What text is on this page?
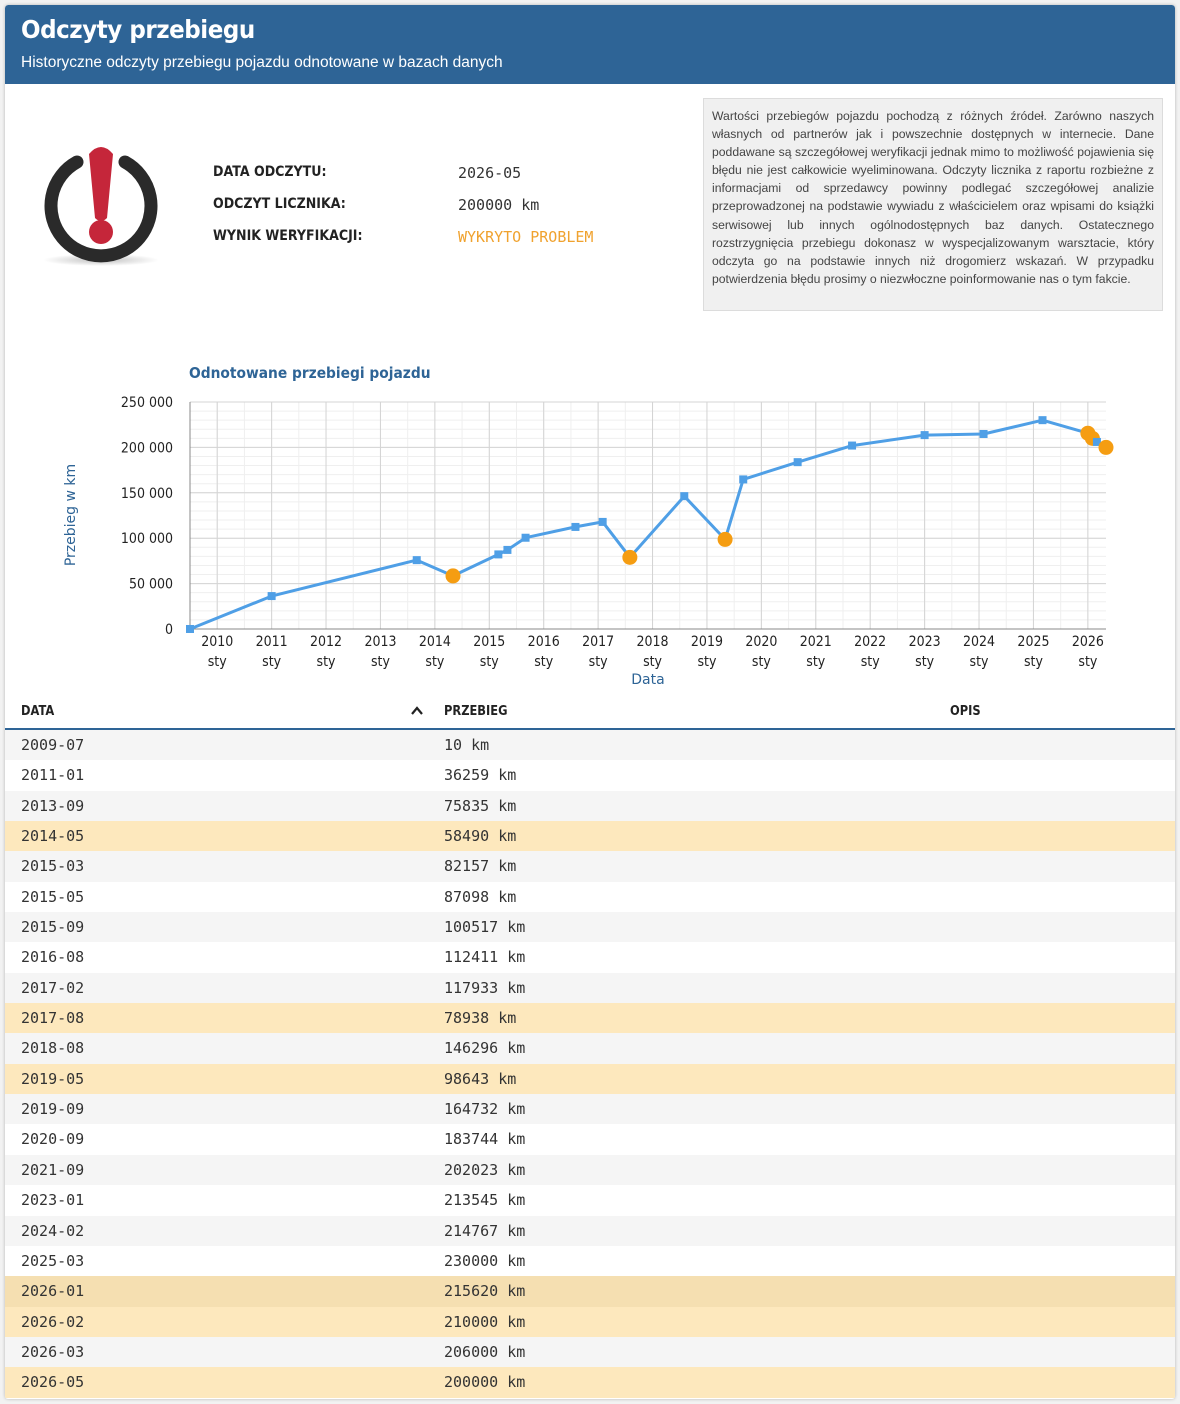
Odczyty przebiegu
Historyczne odczyty przebiegu pojazdu odnotowane w bazach danych
DATA ODCZYTU:	2026-05
ODCZYT LICZNIKA:	200000 km
WYNIK WERYFIKACJI:	WYKRYTO PROBLEM
Wartości przebiegów pojazdu pochodzą z różnych źródeł. Zarówno naszych własnych od partnerów jak i powszechnie dostępnych w internecie. Dane poddawane są szczegółowej weryfikacji jednak mimo to możliwość pojawienia się błędu nie jest całkowicie wyeliminowana. Odczyty licznika z raportu rozbieżne z informacjami od sprzedawcy powinny podlegać szczegółowej analizie przeprowadzonej na podstawie wywiadu z właścicielem oraz wpisami do książki serwisowej lub innych ogólnodostępnych baz danych. Ostatecznego rozstrzygnięcia przebiegu dokonasz w wyspecjalizowanym warsztacie, który odczyta go na podstawie innych niż drogomierz wskazań. W przypadku potwierdzenia błędu prosimy o niezwłoczne poinformowanie nas o tym fakcie.
Odnotowane przebiegi pojazdu
0
50 000
100 000
150 000
200 000
250 000
2010
sty
2011
sty
2012
sty
2013
sty
2014
sty
2015
sty
2016
sty
2017
sty
2018
sty
2019
sty
2020
sty
2021
sty
2022
sty
2023
sty
2024
sty
2025
sty
2026
sty
Data
Przebieg w km
DATA	PRZEBIEG	OPIS
2009-07	10 km
2011-01	36259 km
2013-09	75835 km
2014-05	58490 km
2015-03	82157 km
2015-05	87098 km
2015-09	100517 km
2016-08	112411 km
2017-02	117933 km
2017-08	78938 km
2018-08	146296 km
2019-05	98643 km
2019-09	164732 km
2020-09	183744 km
2021-09	202023 km
2023-01	213545 km
2024-02	214767 km
2025-03	230000 km
2026-01	215620 km
2026-02	210000 km
2026-03	206000 km
2026-05	200000 km
